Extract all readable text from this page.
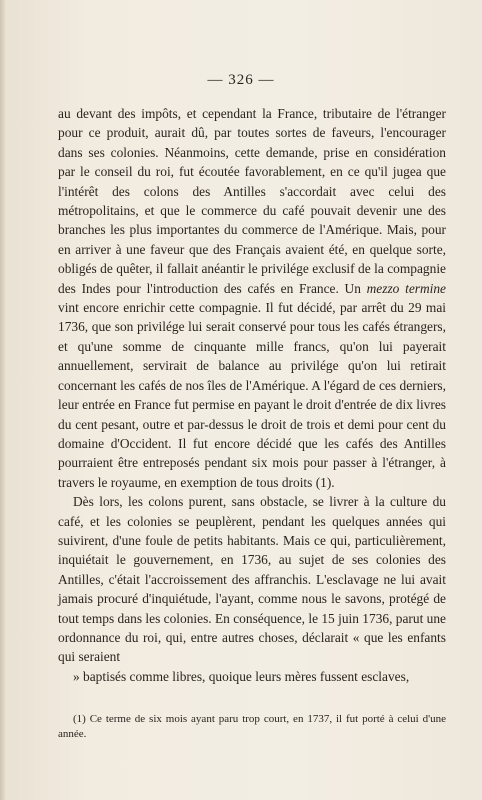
— 326 —

au devant des impôts, et cependant la France, tributaire de l'étranger pour ce produit, aurait dû, par toutes sortes de faveurs, l'encourager dans ses colonies. Néanmoins, cette demande, prise en considération par le conseil du roi, fut écoutée favorablement, en ce qu'il jugea que l'intérêt des colons des Antilles s'accordait avec celui des métropolitains, et que le commerce du café pouvait devenir une des branches les plus importantes du commerce de l'Amérique. Mais, pour en arriver à une faveur que des Français avaient été, en quelque sorte, obligés de quêter, il fallait anéantir le privilége exclusif de la compagnie des Indes pour l'introduction des cafés en France. Un mezzo termine vint encore enrichir cette compagnie. Il fut décidé, par arrêt du 29 mai 1736, que son privilége lui serait conservé pour tous les cafés étrangers, et qu'une somme de cinquante mille francs, qu'on lui payerait annuellement, servirait de balance au privilége qu'on lui retirait concernant les cafés de nos îles de l'Amérique. A l'égard de ces derniers, leur entrée en France fut permise en payant le droit d'entrée de dix livres du cent pesant, outre et par-dessus le droit de trois et demi pour cent du domaine d'Occident. Il fut encore décidé que les cafés des Antilles pourraient être entreposés pendant six mois pour passer à l'étranger, à travers le royaume, en exemption de tous droits (1).

Dès lors, les colons purent, sans obstacle, se livrer à la culture du café, et les colonies se peuplèrent, pendant les quelques années qui suivirent, d'une foule de petits habitants. Mais ce qui, particulièrement, inquiétait le gouvernement, en 1736, au sujet de ses colonies des Antilles, c'était l'accroissement des affranchis. L'esclavage ne lui avait jamais procuré d'inquiétude, l'ayant, comme nous le savons, protégé de tout temps dans les colonies. En conséquence, le 15 juin 1736, parut une ordonnance du roi, qui, entre autres choses, déclarait « que les enfants qui seraient
» baptisés comme libres, quoique leurs mères fussent esclaves,

(1) Ce terme de six mois ayant paru trop court, en 1737, il fut porté à celui d'une année.
